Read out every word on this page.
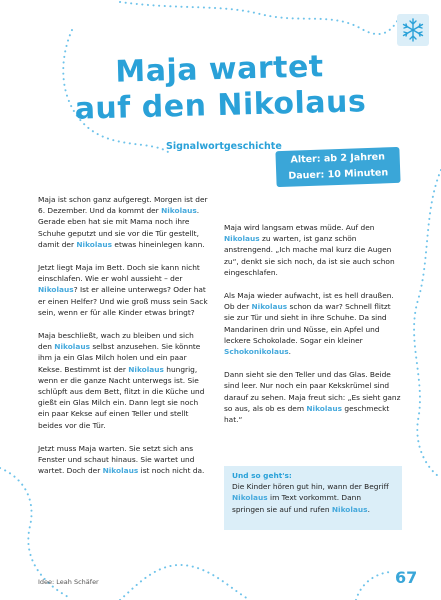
Maja wartet
auf den Nikolaus
Signalwortgeschichte
Alter: ab 2 Jahren
Dauer: 10 Minuten

Maja ist schon ganz aufgeregt. Morgen ist der 6. Dezember. Und da kommt der Nikolaus. Gerade eben hat sie mit Mama noch ihre Schuhe geputzt und sie vor die Tür gestellt, damit der Nikolaus etwas hineinlegen kann.

Jetzt liegt Maja im Bett. Doch sie kann nicht einschlafen. Wie er wohl aussieht – der Nikolaus? Ist er alleine unterwegs? Oder hat er einen Helfer? Und wie groß muss sein Sack sein, wenn er für alle Kinder etwas bringt?

Maja beschließt, wach zu bleiben und sich den Nikolaus selbst anzusehen. Sie könnte ihm ja ein Glas Milch holen und ein paar Kekse. Bestimmt ist der Nikolaus hungrig, wenn er die ganze Nacht unterwegs ist. Sie schlüpft aus dem Bett, flitzt in die Küche und gießt ein Glas Milch ein. Dann legt sie noch ein paar Kekse auf einen Teller und stellt beides vor die Tür.

Jetzt muss Maja warten. Sie setzt sich ans Fenster und schaut hinaus. Sie wartet und wartet. Doch der Nikolaus ist noch nicht da.

Maja wird langsam etwas müde. Auf den Nikolaus zu warten, ist ganz schön anstrengend. „Ich mache mal kurz die Augen zu“, denkt sie sich noch, da ist sie auch schon eingeschlafen.

Als Maja wieder aufwacht, ist es hell draußen. Ob der Nikolaus schon da war? Schnell flitzt sie zur Tür und sieht in ihre Schuhe. Da sind Mandarinen drin und Nüsse, ein Apfel und leckere Schokolade. Sogar ein kleiner Schokonikolaus.

Dann sieht sie den Teller und das Glas. Beide sind leer. Nur noch ein paar Kekskrümel sind darauf zu sehen. Maja freut sich: „Es sieht ganz so aus, als ob es dem Nikolaus geschmeckt hat.“

Und so geht's:
Die Kinder hören gut hin, wann der Begriff Nikolaus im Text vorkommt. Dann springen sie auf und rufen Nikolaus.
Idee: Leah Schäfer	67
